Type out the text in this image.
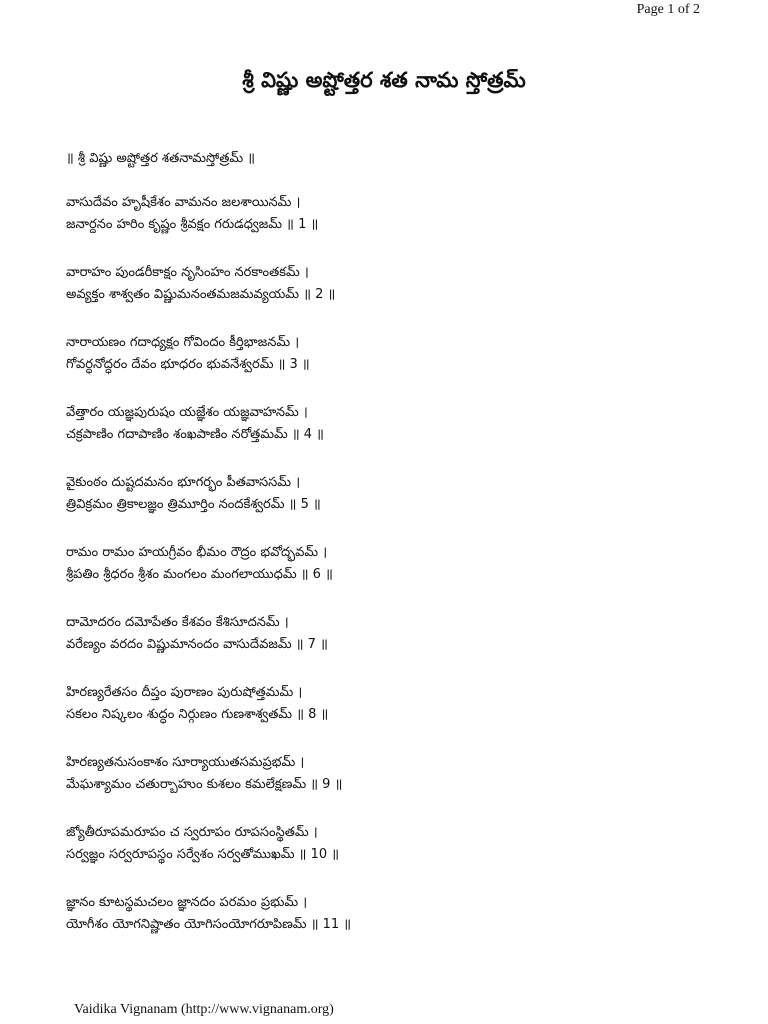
Page 1 of 2
శ్రీ విష్ణు అష్టోత్తర శత నామ స్తోత్రమ్
॥ శ్రీ విష్ణు అష్టోత్తర శతనామస్తోత్రమ్ ॥
వాసుదేవం హృషీకేశం వామనం జలశాయినమ్ ।
జనార్దనం హరిం కృష్ణం శ్రీవక్షం గరుడధ్వజమ్ ॥ 1 ॥
వారాహం పుండరీకాక్షం నృసింహం నరకాంతకమ్ ।
అవ్యక్తం శాశ్వతం విష్ణుమనంతమజమవ్యయమ్ ॥ 2 ॥
నారాయణం గదాధ్యక్షం గోవిందం కీర్తిభాజనమ్ ।
గోవర్ధనోద్ధరం దేవం భూధరం భువనేశ్వరమ్ ॥ 3 ॥
వేత్తారం యజ్ఞపురుషం యజ్ఞేశం యజ్ఞవాహనమ్ ।
చక్రపాణిం గదాపాణిం శంఖపాణిం నరోత్తమమ్ ॥ 4 ॥
వైకుంఠం దుష్టదమనం భూగర్భం పీతవాససమ్ ।
త్రివిక్రమం త్రికాలజ్ఞం త్రిమూర్తిం నందకేశ్వరమ్ ॥ 5 ॥
రామం రామం హయగ్రీవం భీమం రౌద్రం భవోద్భవమ్ ।
శ్రీపతిం శ్రీధరం శ్రీశం మంగలం మంగలాయుధమ్ ॥ 6 ॥
దామోదరం దమోపేతం కేశవం కేశిసూదనమ్ ।
వరేణ్యం వరదం విష్ణుమానందం వాసుదేవజమ్ ॥ 7 ॥
హిరణ్యరేతసం దీప్తం పురాణం పురుషోత్తమమ్ ।
సకలం నిష్కలం శుద్ధం నిర్గుణం గుణశాశ్వతమ్ ॥ 8 ॥
హిరణ్యతనుసంకాశం సూర్యాయుతసమప్రభమ్ ।
మేఘశ్యామం చతుర్బాహుం కుశలం కమలేక్షణమ్ ॥ 9 ॥
జ్యోతీరూపమరూపం చ స్వరూపం రూపసంస్థితమ్ ।
సర్వజ్ఞం సర్వరూపస్థం సర్వేశం సర్వతోముఖమ్ ॥ 10 ॥
జ్ఞానం కూటస్థమచలం జ్ఞానదం పరమం ప్రభుమ్ ।
యోగీశం యోగనిష్ణాతం యోగిసంయోగరూపిణమ్ ॥ 11 ॥
Vaidika Vignanam (http://www.vignanam.org)
